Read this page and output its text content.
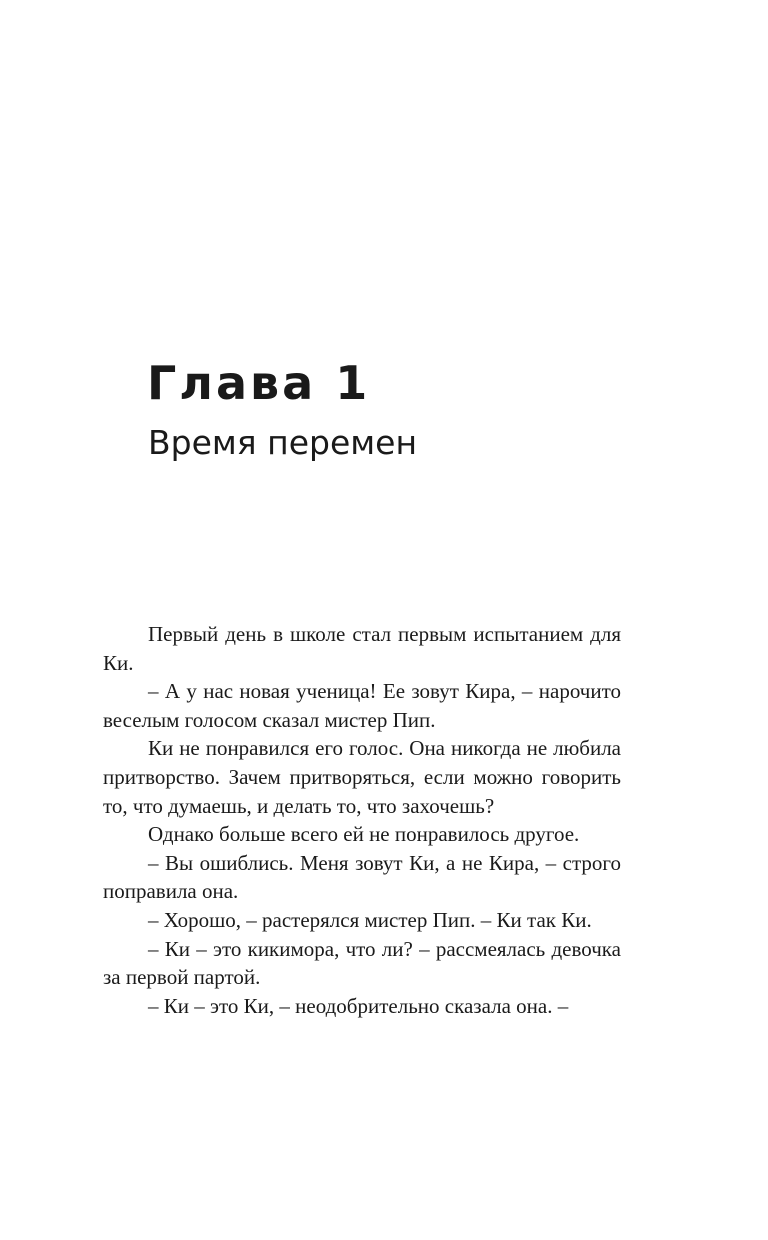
Глава 1
Время перемен

Первый день в школе стал первым испытанием для Ки.

– А у нас новая ученица! Ее зовут Кира, – нарочито веселым голосом сказал мистер Пип.

Ки не понравился его голос. Она никогда не любила притворство. Зачем притворяться, если можно говорить то, что думаешь, и делать то, что захочешь?

Однако больше всего ей не понравилось другое.

– Вы ошиблись. Меня зовут Ки, а не Кира, – строго поправила она.

– Хорошо, – растерялся мистер Пип. – Ки так Ки.

– Ки – это кикимора, что ли? – рассмеялась девочка за первой партой.

– Ки – это Ки, – неодобрительно сказала она. –
